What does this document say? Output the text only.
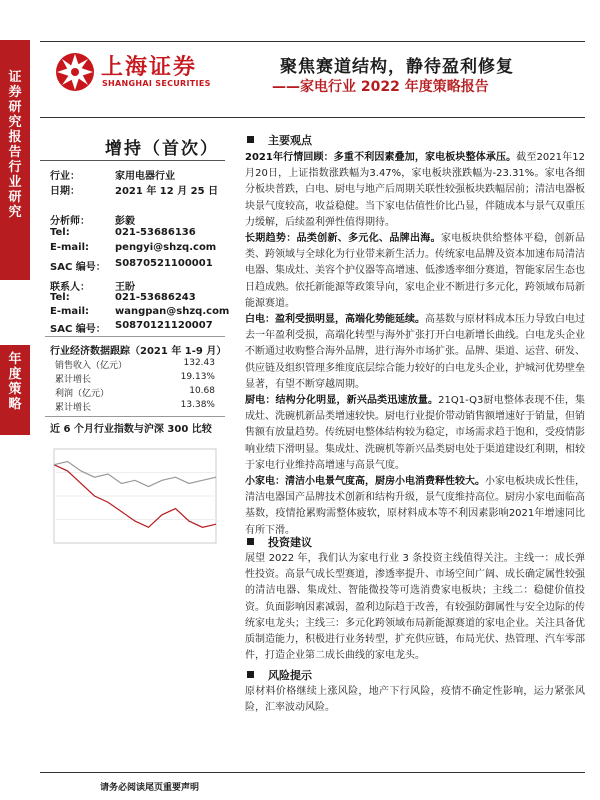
证券研究报告 行业研究
年度策略
上海证券
SHANGHAI SECURITIES
聚焦赛道结构，静待盈利修复
——家电行业 2022 年度策略报告
增持（首次）
行业：	家用电器行业
日期：	2021 年 12 月 25 日
分析师：	彭毅
Tel:	021-53686136
E-mail:	pengyi@shzq.com
SAC 编号： S0870521100001
联系人：	王盼
Tel:	021-53686243
E-mail:	wangpan@shzq.com
SAC 编号： S0870121120007
行业经济数据跟踪（2021 年 1-9 月）
销售收入（亿元）	132.43
累计增长	19.13%
利润（亿元）	10.68
累计增长	13.38%
近 6 个月行业指数与沪深 300 比较
主要观点
2021年行情回顾：多重不利因素叠加，家电板块整体承压。截至2021年12月20日，上证指数涨跌幅为3.47%，家电板块涨跌幅为-23.31%。家电各细分板块普跌，白电、厨电与地产后周期关联性较强板块跌幅居前；清洁电器板块景气度较高，收益稳健。当下家电估值性价比凸显，伴随成本与景气双重压力缓解，后续盈利弹性值得期待。
长期趋势：品类创新、多元化、品牌出海。家电板块供给整体平稳，创新品类、跨领域与全球化为行业带来新生活力。传统家电品牌及资本加速布局清洁电器、集成灶、美容个护仪器等高增速、低渗透率细分赛道，智能家居生态也日趋成熟。依托新能源等政策导向，家电企业不断进行多元化，跨领域布局新能源赛道。
白电：盈利受损明显，高端化势能延续。高基数与原材料成本压力导致白电过去一年盈利受损，高端化转型与海外扩张打开白电新增长曲线。白电龙头企业不断通过收购整合海外品牌，进行海外市场扩张。品牌、渠道、运营、研发、供应链及组织管理多维度底层综合能力较好的白电龙头企业，护城河优势壁垒显著，有望不断穿越周期。
厨电：结构分化明显，新兴品类迅速放量。21Q1-Q3厨电整体表现不佳，集成灶、洗碗机新品类增速较快。厨电行业提价带动销售额增速好于销量，但销售额有放量趋势。传统厨电整体结构较为稳定，市场需求趋于饱和，受疫情影响业绩下滑明显。集成灶、洗碗机等新兴品类厨电处于渠道建设红利期，相较于家电行业维持高增速与高景气度。
小家电：清洁小电景气度高，厨房小电消费释性较大。小家电板块成长性佳，清洁电器国产品牌技术创新和结构升级，景气度维持高位。厨房小家电面临高基数，疫情抢累购需整体疲软，原材料成本等不利因素影响2021年增速同比有所下滑。
投资建议
展望 2022 年，我们认为家电行业 3 条投资主线值得关注。主线一：成长弹性投资。高景气成长型赛道，渗透率提升、市场空间广阔、成长确定属性较强的清洁电器、集成灶、智能微投等可选消费家电板块；主线二：稳健价值投资。负面影响因素减弱，盈利边际趋于改善，有较强防御属性与安全边际的传统家电龙头；主线三：多元化跨领域布局新能源赛道的家电企业。关注具备优质制造能力，积极进行业务转型，扩充供应链，布局光伏、热管理、汽车零部件，打造企业第二成长曲线的家电龙头。
风险提示
原材料价格继续上涨风险，地产下行风险，疫情不确定性影响，运力紧张风险，汇率波动风险。
请务必阅读尾页重要声明
